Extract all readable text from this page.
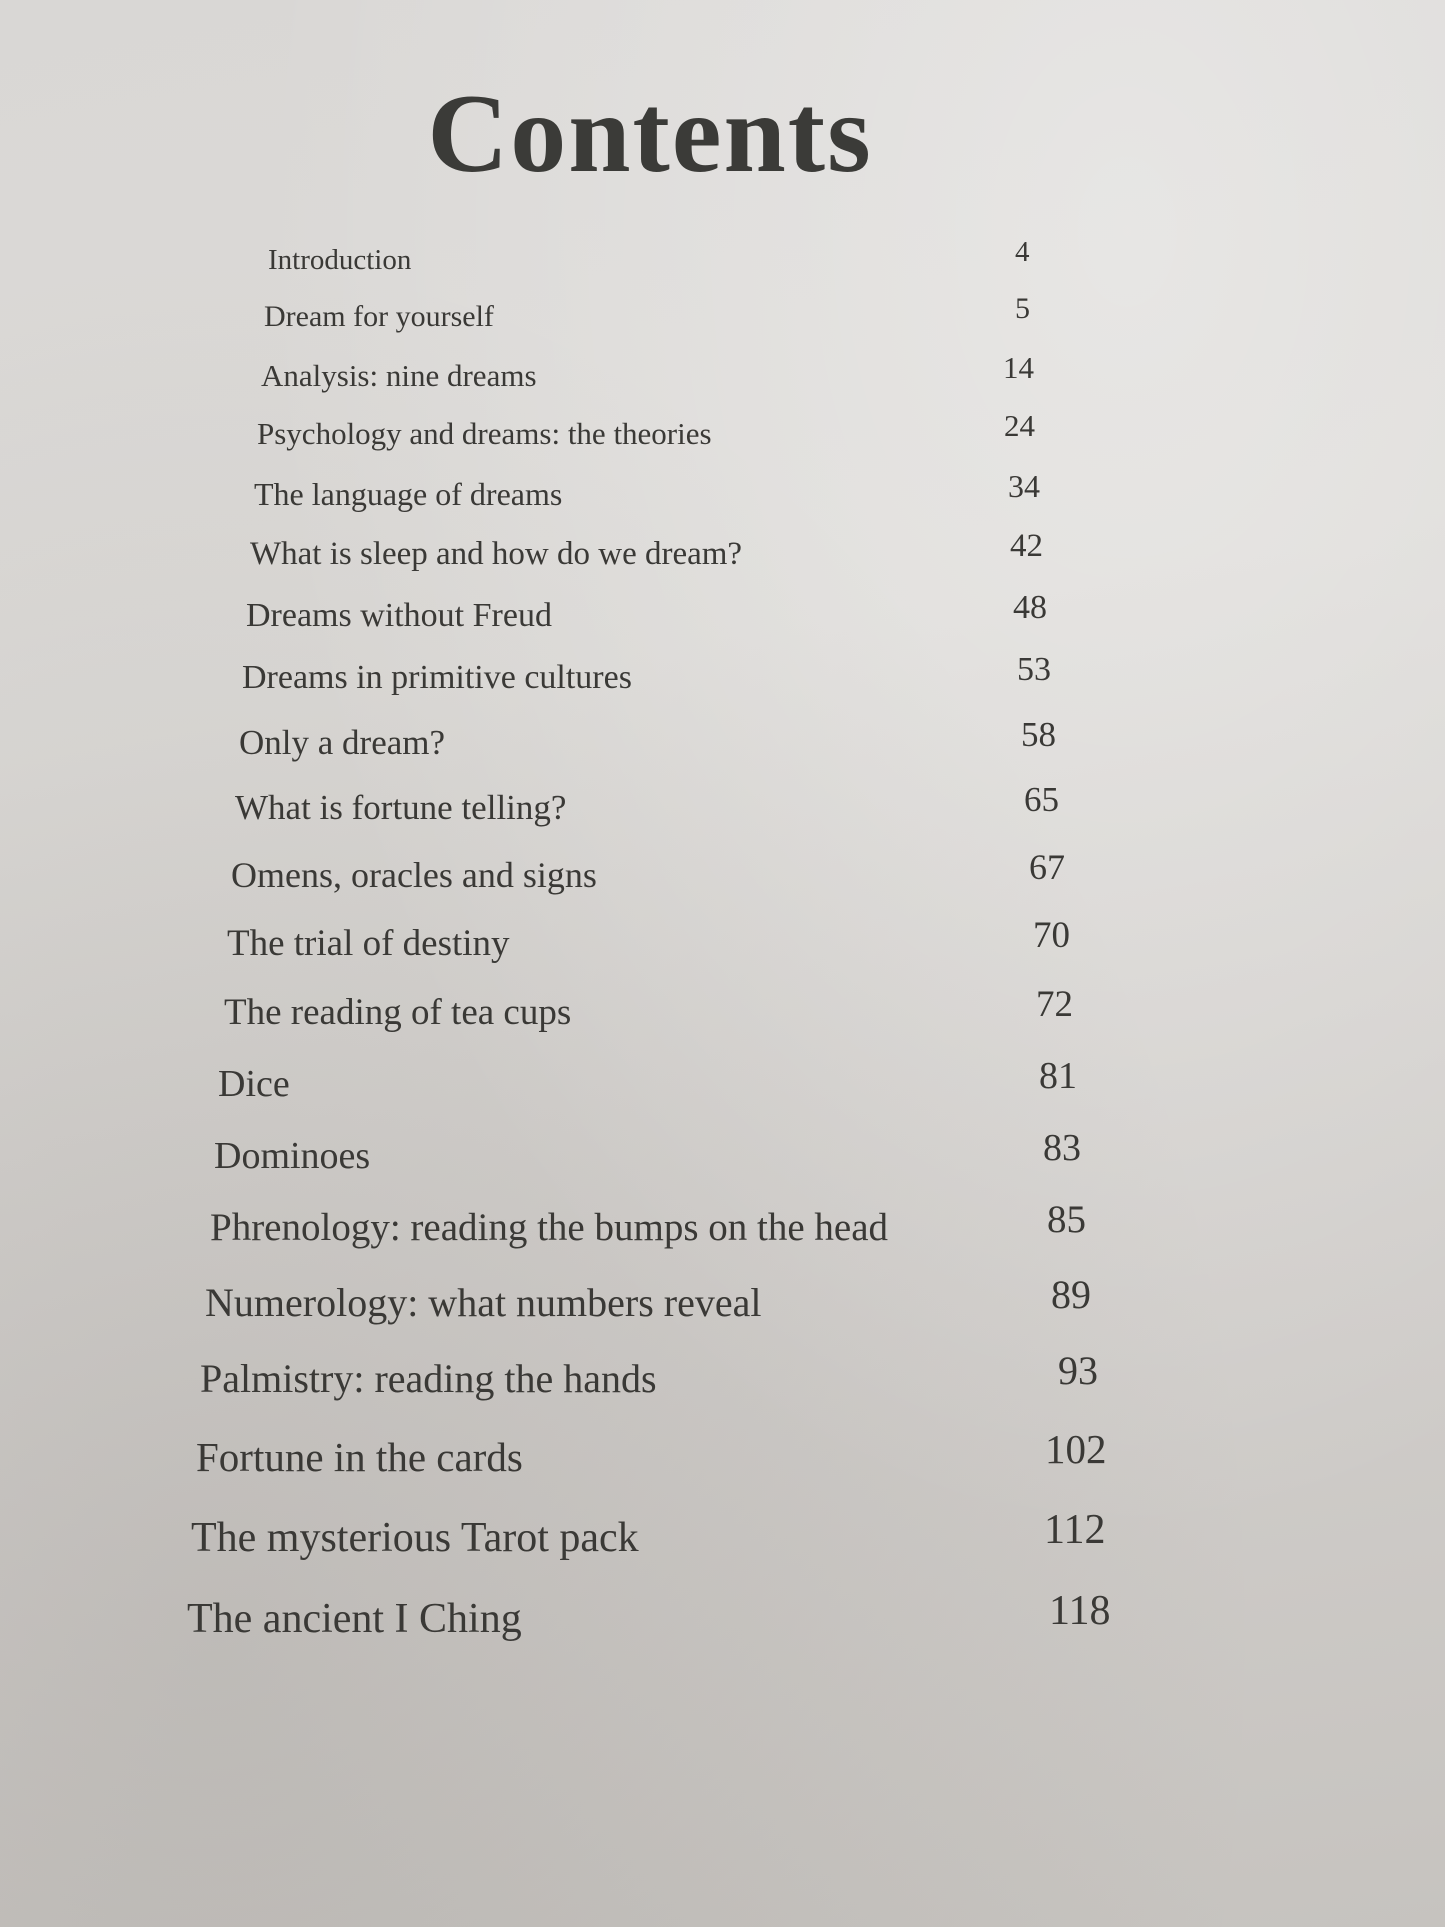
Contents
Introduction	4
Dream for yourself	5
Analysis: nine dreams	14
Psychology and dreams: the theories	24
The language of dreams	34
What is sleep and how do we dream?	42
Dreams without Freud	48
Dreams in primitive cultures	53
Only a dream?	58
What is fortune telling?	65
Omens, oracles and signs	67
The trial of destiny	70
The reading of tea cups	72
Dice	81
Dominoes	83
Phrenology: reading the bumps on the head	85
Numerology: what numbers reveal	89
Palmistry: reading the hands	93
Fortune in the cards	102
The mysterious Tarot pack	112
The ancient I Ching	118
